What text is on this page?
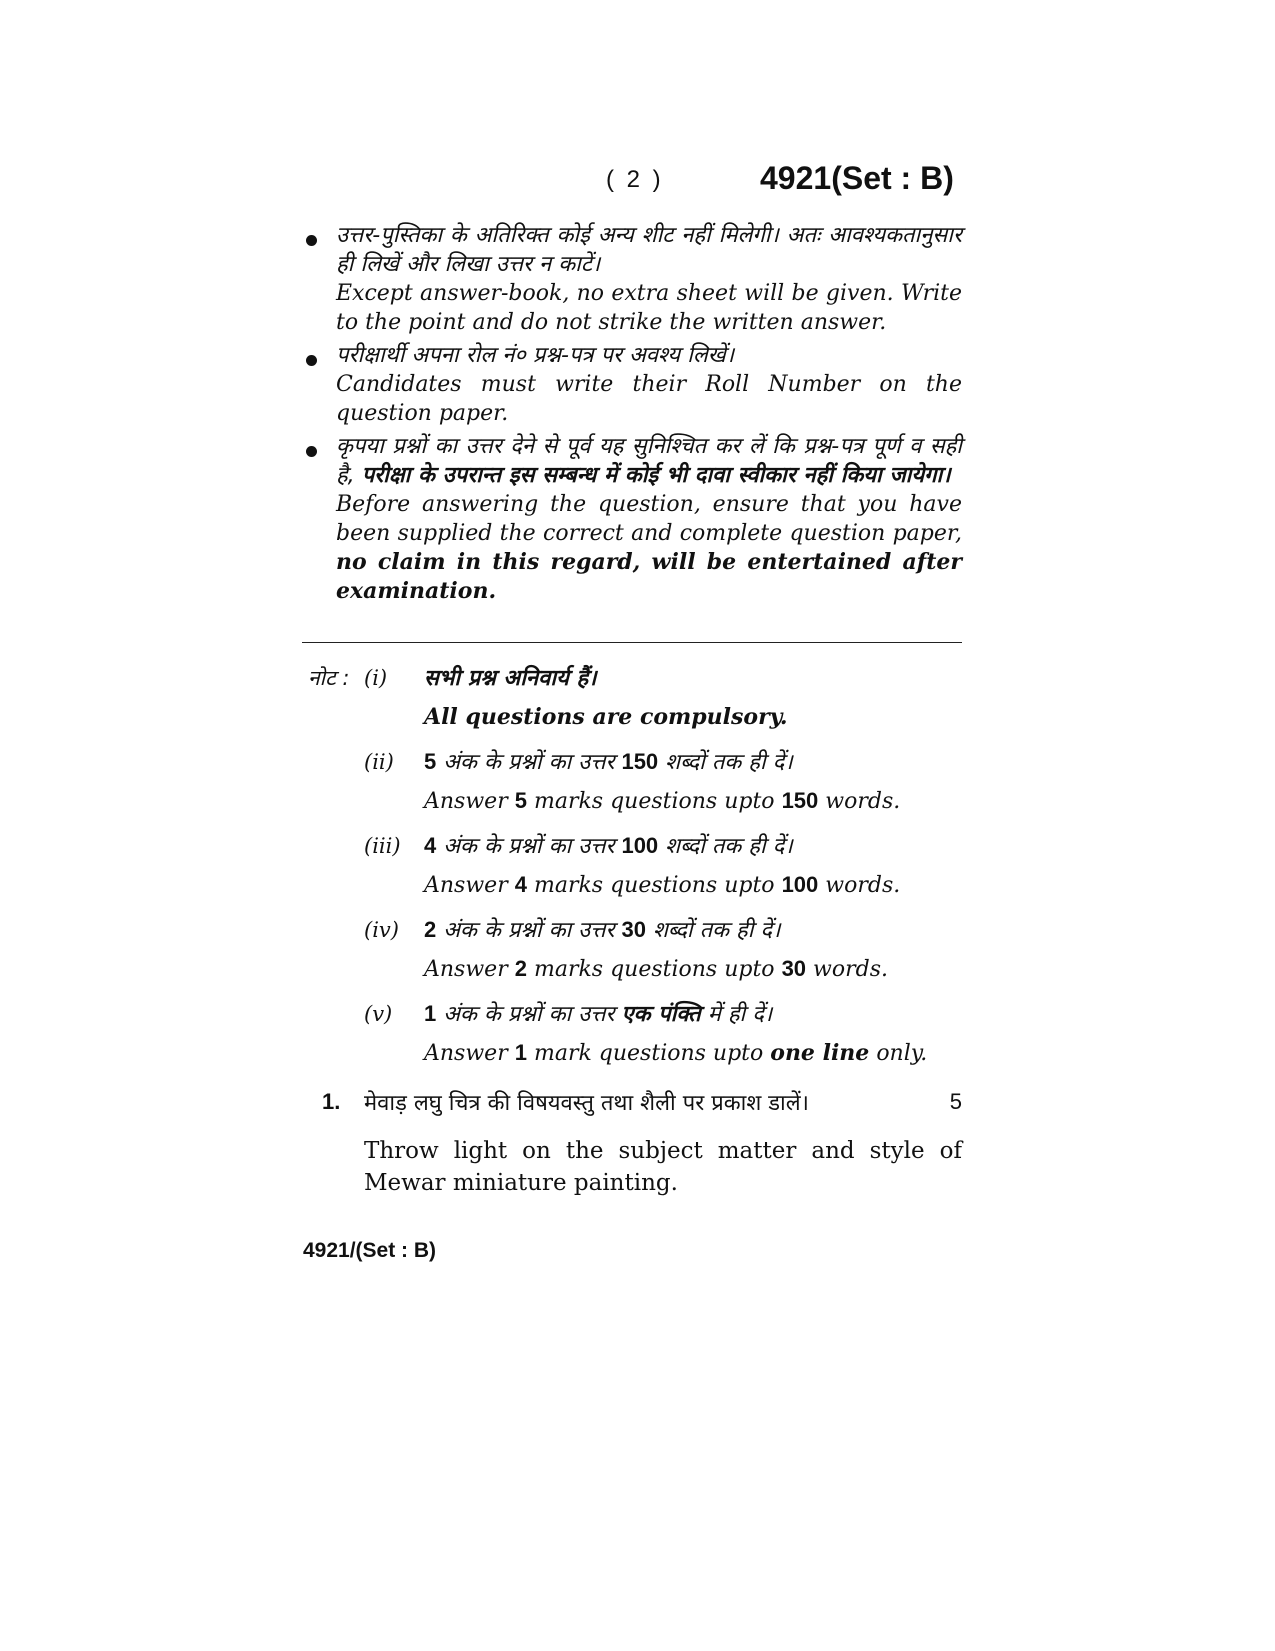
( 2 )	4921(Set : B)
उत्तर-पुस्तिका के अतिरिक्त कोई अन्य शीट नहीं मिलेगी। अतः आवश्यकतानुसार ही लिखें और लिखा उत्तर न काटें।
Except answer-book, no extra sheet will be given. Write to the point and do not strike the written answer.
परीक्षार्थी अपना रोल नं० प्रश्न-पत्र पर अवश्य लिखें।
Candidates must write their Roll Number on the question paper.
कृपया प्रश्नों का उत्तर देने से पूर्व यह सुनिश्चित कर लें कि प्रश्न-पत्र पूर्ण व सही है, परीक्षा के उपरान्त इस सम्बन्ध में कोई भी दावा स्वीकार नहीं किया जायेगा।
Before answering the question, ensure that you have been supplied the correct and complete question paper, no claim in this regard, will be entertained after examination.
नोट : (i) सभी प्रश्न अनिवार्य हैं।
All questions are compulsory.
(ii) 5 अंक के प्रश्नों का उत्तर 150 शब्दों तक ही दें।
Answer 5 marks questions upto 150 words.
(iii) 4 अंक के प्रश्नों का उत्तर 100 शब्दों तक ही दें।
Answer 4 marks questions upto 100 words.
(iv) 2 अंक के प्रश्नों का उत्तर 30 शब्दों तक ही दें।
Answer 2 marks questions upto 30 words.
(v) 1 अंक के प्रश्नों का उत्तर एक पंक्ति में ही दें।
Answer 1 mark questions upto one line only.
1. मेवाड़ लघु चित्र की विषयवस्तु तथा शैली पर प्रकाश डालें।	5
Throw light on the subject matter and style of Mewar miniature painting.
4921/(Set : B)
